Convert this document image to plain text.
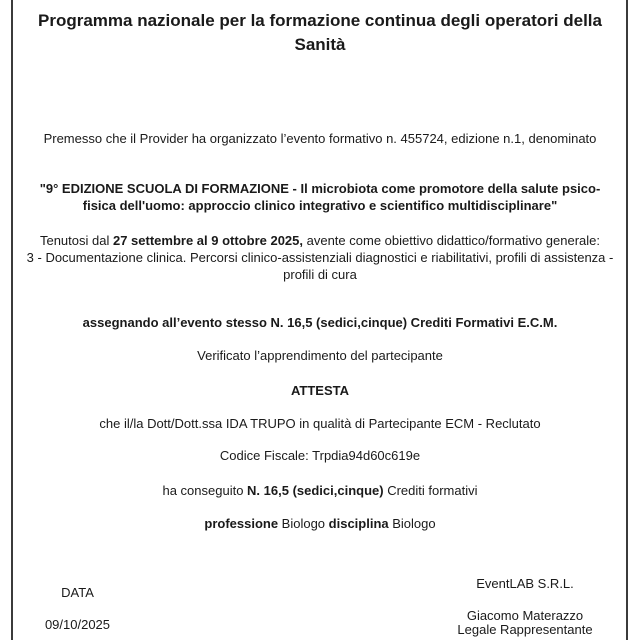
Programma nazionale per la formazione continua degli operatori della Sanità
Premesso che il Provider ha organizzato l’evento formativo n. 455724, edizione n.1, denominato
"9° EDIZIONE SCUOLA DI FORMAZIONE - Il microbiota come promotore della salute psico-fisica dell'uomo: approccio clinico integrativo e scientifico multidisciplinare"
Tenutosi dal 27 settembre al 9 ottobre 2025, avente come obiettivo didattico/formativo generale:
3 - Documentazione clinica. Percorsi clinico-assistenziali diagnostici e riabilitativi, profili di assistenza - profili di cura
assegnando all’evento stesso N. 16,5 (sedici,cinque) Crediti Formativi E.C.M.
Verificato l’apprendimento del partecipante
ATTESTA
che il/la Dott/Dott.ssa IDA TRUPO in qualità di Partecipante ECM - Reclutato
Codice Fiscale: Trpdia94d60c619e
ha conseguito N. 16,5 (sedici,cinque) Crediti formativi
professione Biologo disciplina Biologo
DATA
09/10/2025
EventLAB S.R.L.
Giacomo Materazzo
Legale Rappresentante
